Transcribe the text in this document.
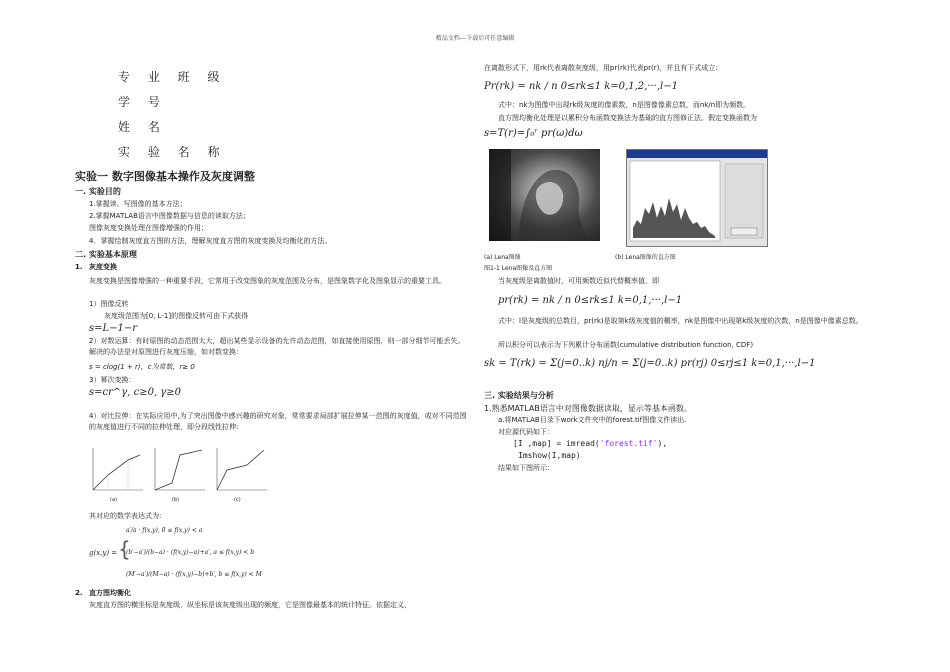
精品文档---下载后可任意编辑
专 业 班 级
学 号
姓 名
实 验 名 称
实验一 数字图像基本操作及灰度调整
一. 实验目的
1.掌握读、写图像的基本方法；
2.掌握MATLAB语言中图像数据与信息的读取方法；
图像灰度变换处理在图像增强的作用；
4．掌握绘制灰度直方图的方法，理解灰度直方图的灰度变换及均衡化的方法。
二. 实验基本原理
1. 灰度变换
灰度变换是图像增强的一种重要手段，它常用于改变图象的灰度范围及分布，是图象数字化及图象显示的重要工具。
1）图像反转
灰度级范围为[0, L-1]的图像反转可由下式获得
s=L−1−r
2）对数运算：有时原图的动态范围太大，超出某些显示设备的允许动态范围，如直接使用原图，则一部分细节可能丢失。解决的办法是对原图进行灰度压缩，如对数变换：
s = clog(1 + r)，c为常数，r≥ 0
3）幂次变换：
s=cr^γ, c≥0, γ≥0
4）对比拉伸：在实际应用中,为了突出图像中感兴趣的研究对象，常常要求局部扩展拉伸某一范围的灰度值，或对不同范围的灰度值进行不同的拉伸处理，即分段线性拉伸:
(a)	(b)	(c)
其对应的数学表达式为:
g(x,y) = {
a′/a · f(x,y), 0 ≤ f(x,y) < a
(b′−a′)/(b−a) · (f(x,y)−a)+a′, a ≤ f(x,y) < b
(M′−a′)/(M−a) · (f(x,y)−b)+b′, b ≤ f(x,y) < M
2. 直方图均衡化
灰度直方图的横坐标是灰度级，纵坐标是该灰度级出现的频度，它是图像最基本的统计特征。依据定义，
在离散形式下，用rk代表离散灰度级，用pr(rk)代表pr(r)，并且有下式成立:
Pr(rk) = nk / n 0≤rk≤1 k=0,1,2,···,l−1
式中：nk为图像中出现rk级灰度的像素数，n是图像像素总数，而nk/n即为频数。
直方图均衡化处理是以累积分布函数变换法为基础的直方图修正法。假定变换函数为
s=T(r)=∫₀ʳ pr(ω)dω
(a) Lena图像	(b) Lena图像的直方图
图1-1 Lena图像及直方图
当灰度级是离散值时，可用频数近似代替概率值，即
pr(rk) = nk / n 0≤rk≤1 k=0,1,···,l−1
式中：l是灰度级的总数目，pr(rk)是取第k级灰度值的概率，nk是图像中出现第k级灰度的次数，n是图像中像素总数。
所以积分可以表示为下列累计分布函数(cumulative distribution function, CDF)
sk = T(rk) = Σ(j=0..k) nj/n = Σ(j=0..k) pr(rj) 0≤rj≤1 k=0,1,···,l−1
三. 实验结果与分析
1.熟悉MATLAB语言中对图像数据读取，显示等基本函数。
a.将MATLAB目录下work文件夹中的forest.tif图像文件读出.
对应源代码如下：
[I ,map] = imread('forest.tif'),
Imshow(I,map)
结果如下图所示：
